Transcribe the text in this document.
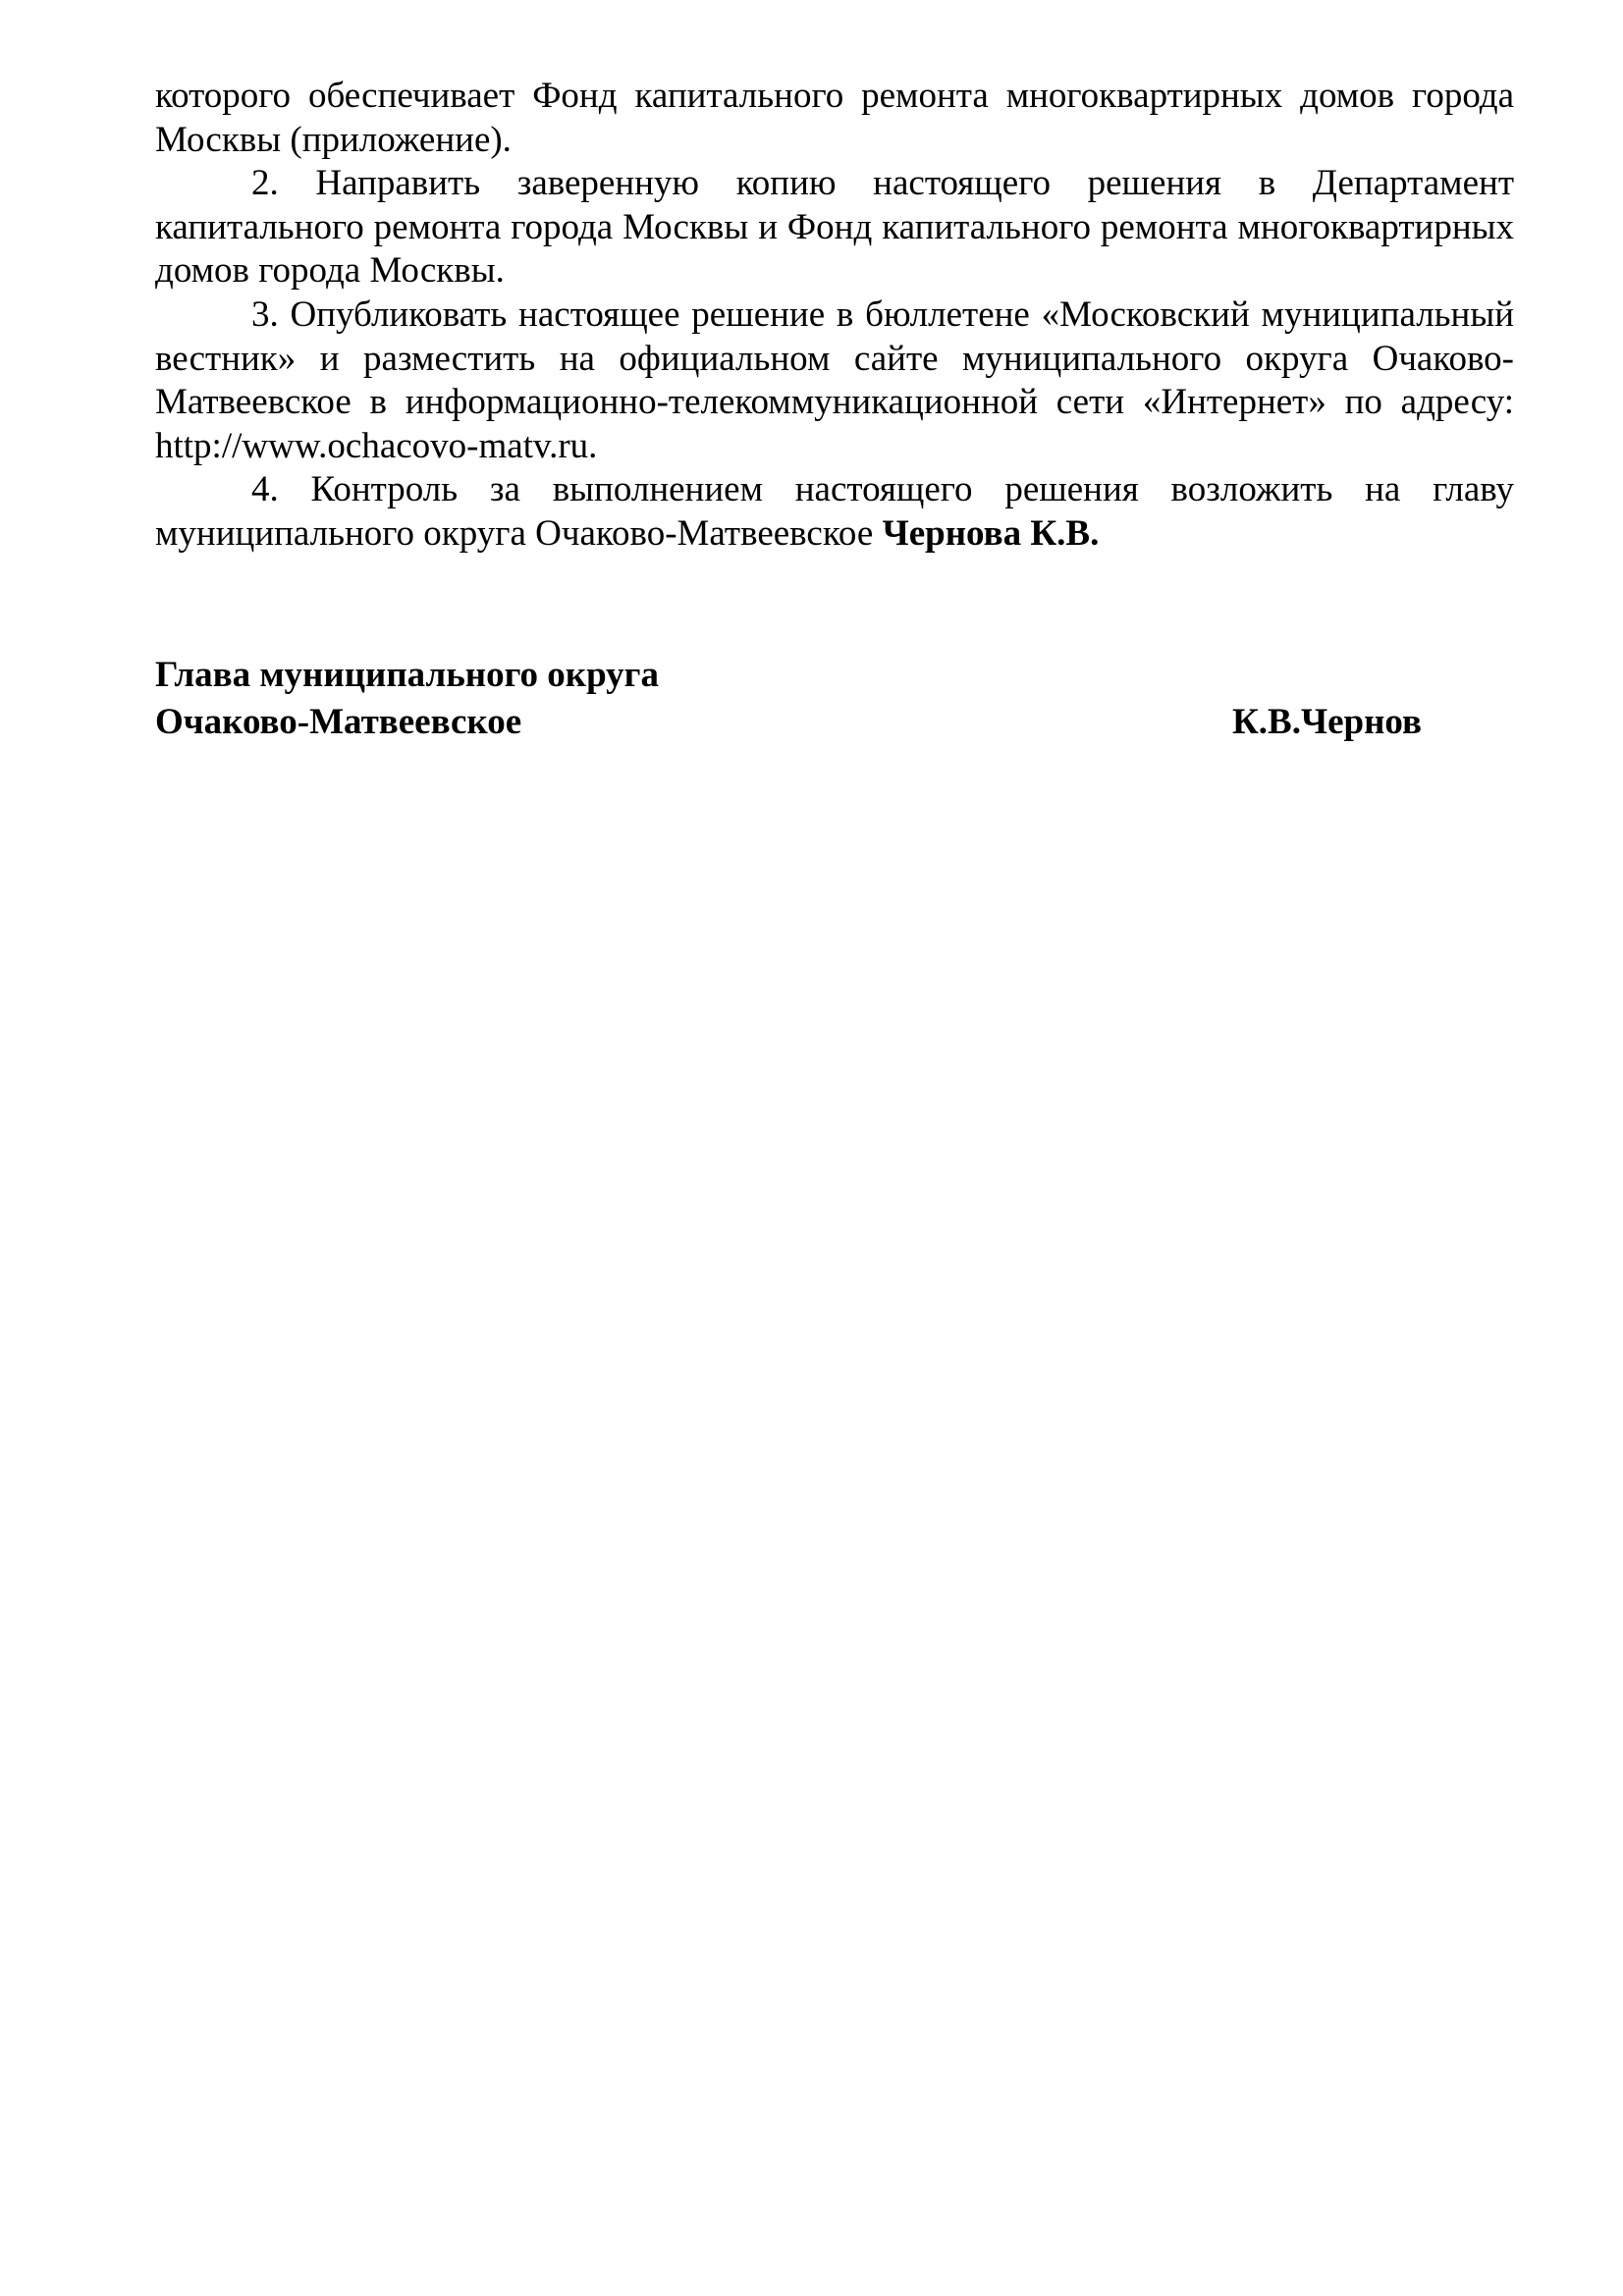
которого обеспечивает Фонд капитального ремонта многоквартирных домов города Москвы (приложение).

2. Направить заверенную копию настоящего решения в Департамент капитального ремонта города Москвы и Фонд капитального ремонта многоквартирных домов города Москвы.

3. Опубликовать настоящее решение в бюллетене «Московский муниципальный вестник» и разместить на официальном сайте муниципального округа Очаково-Матвеевское в информационно-телекоммуникационной сети «Интернет» по адресу: http://www.ochacovo-matv.ru.

4. Контроль за выполнением настоящего решения возложить на главу муниципального округа Очаково-Матвеевское Чернова К.В.

Глава муниципального округа
Очаково-Матвеевское	К.В.Чернов
